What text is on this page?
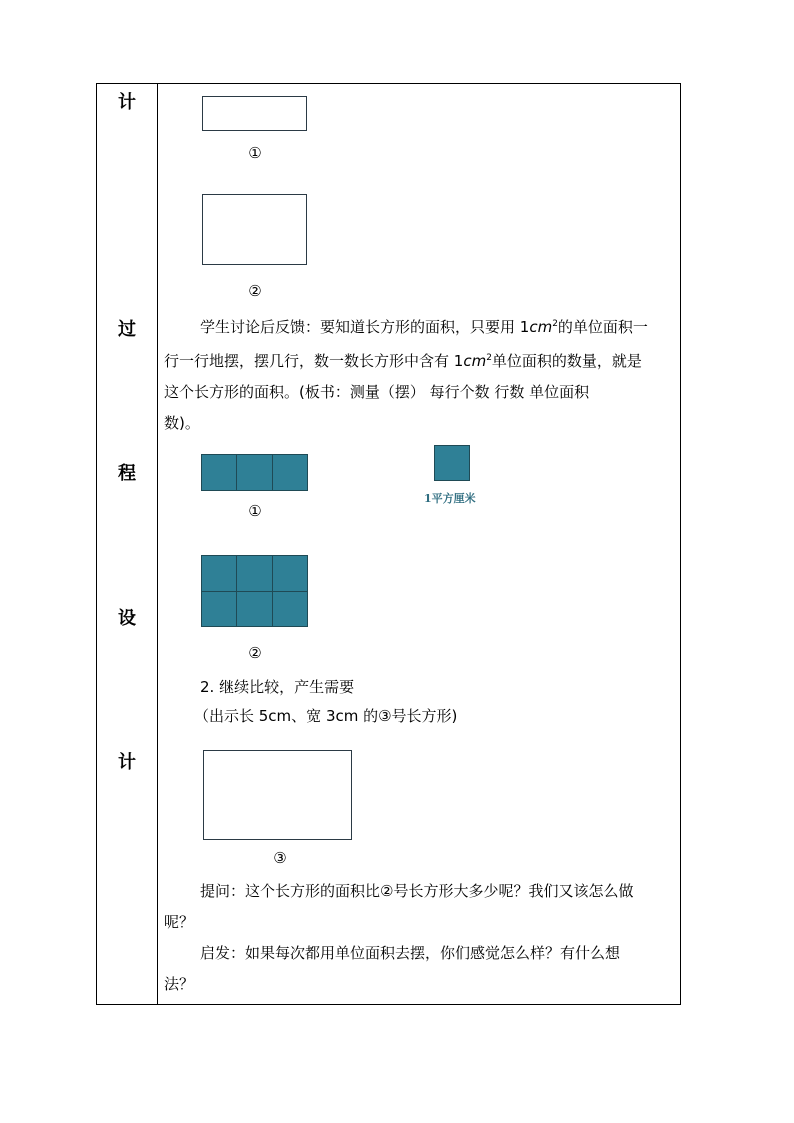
计
过
程
设
计
①
②
学生讨论后反馈：要知道长方形的面积，只要用 $1cm^2$的单位面积一
行一行地摆，摆几行，数一数长方形中含有 $1cm^2$单位面积的数量，就是
这个长方形的面积。(板书：测量（摆） 每行个数 行数 单位面积
数)。
①
1平方厘米
②
2. 继续比较，产生需要
（出示长 5cm、宽 3cm 的③号长方形)
③
提问：这个长方形的面积比②号长方形大多少呢？我们又该怎么做
呢？
启发：如果每次都用单位面积去摆，你们感觉怎么样？有什么想
法？
